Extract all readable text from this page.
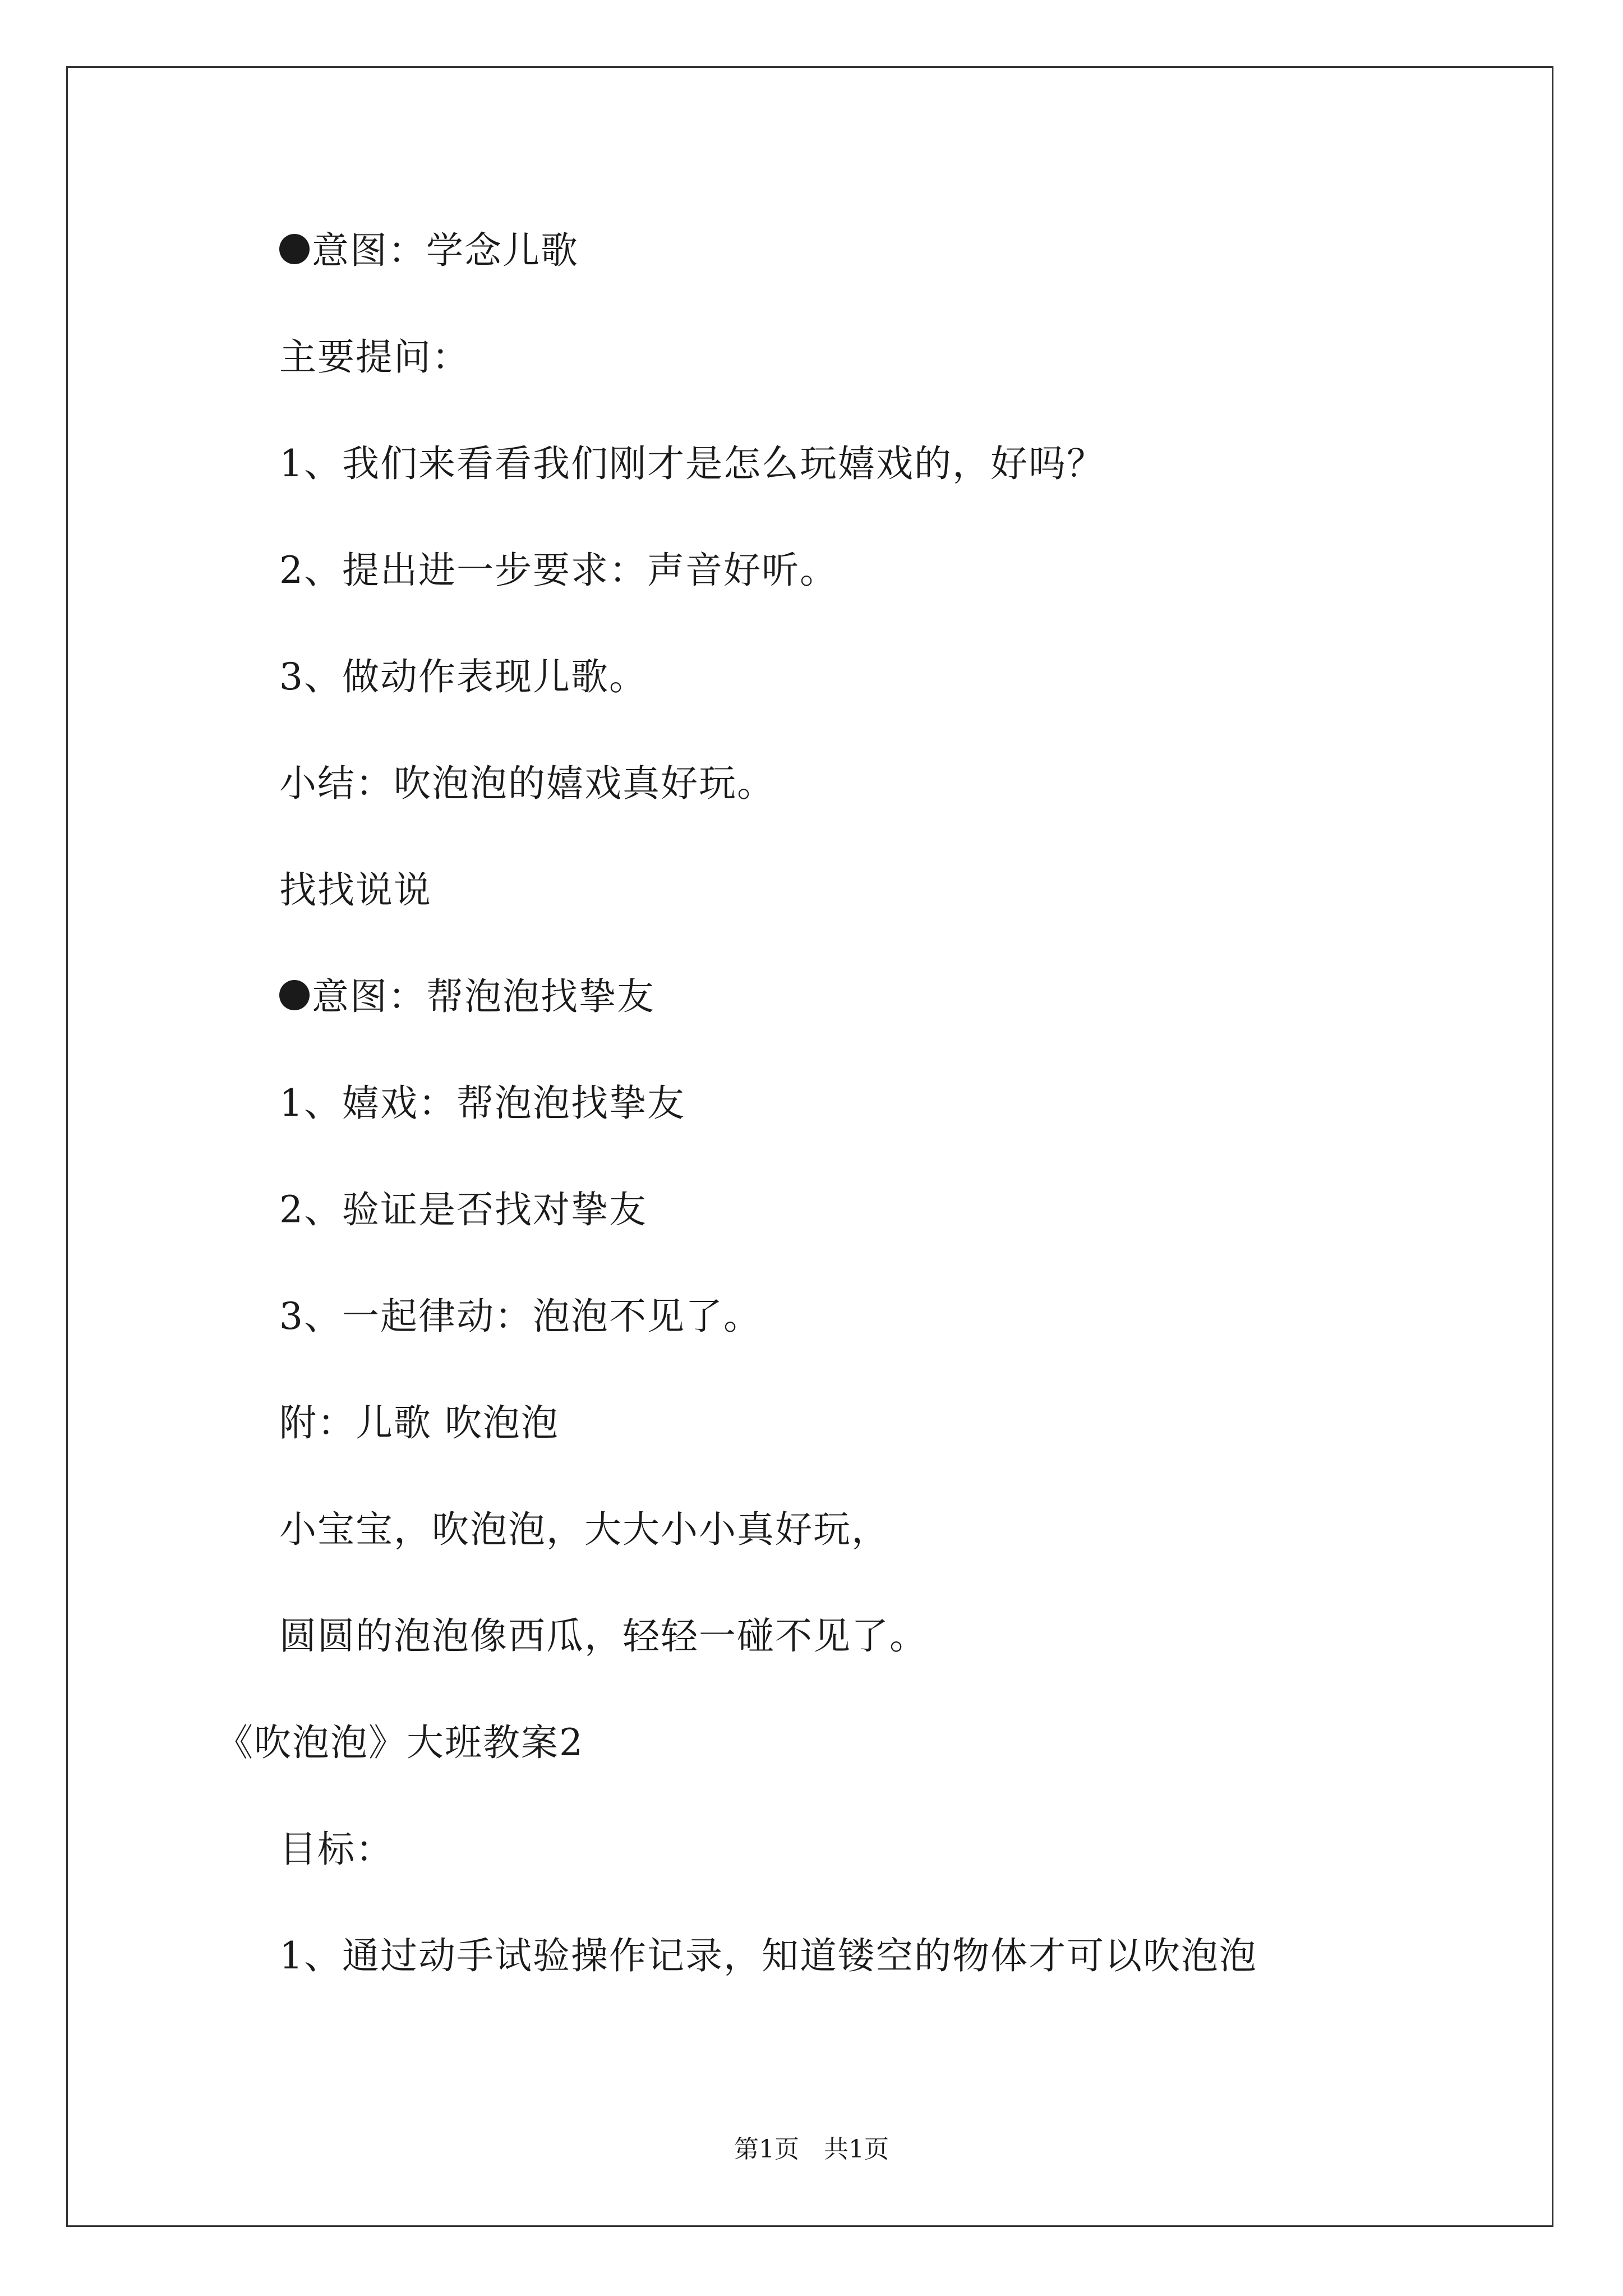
意图：学念儿歌
主要提问：
1、我们来看看我们刚才是怎么玩嬉戏的，好吗？
2、提出进一步要求：声音好听。
3、做动作表现儿歌。
小结：吹泡泡的嬉戏真好玩。
找找说说
意图：帮泡泡找挚友
1、嬉戏：帮泡泡找挚友
2、验证是否找对挚友
3、一起律动：泡泡不见了。
附：儿歌 吹泡泡
小宝宝，吹泡泡，大大小小真好玩，
圆圆的泡泡像西瓜，轻轻一碰不见了。
《吹泡泡》大班教案2
目标：
1、通过动手试验操作记录，知道镂空的物体才可以吹泡泡
第1页　共1页
